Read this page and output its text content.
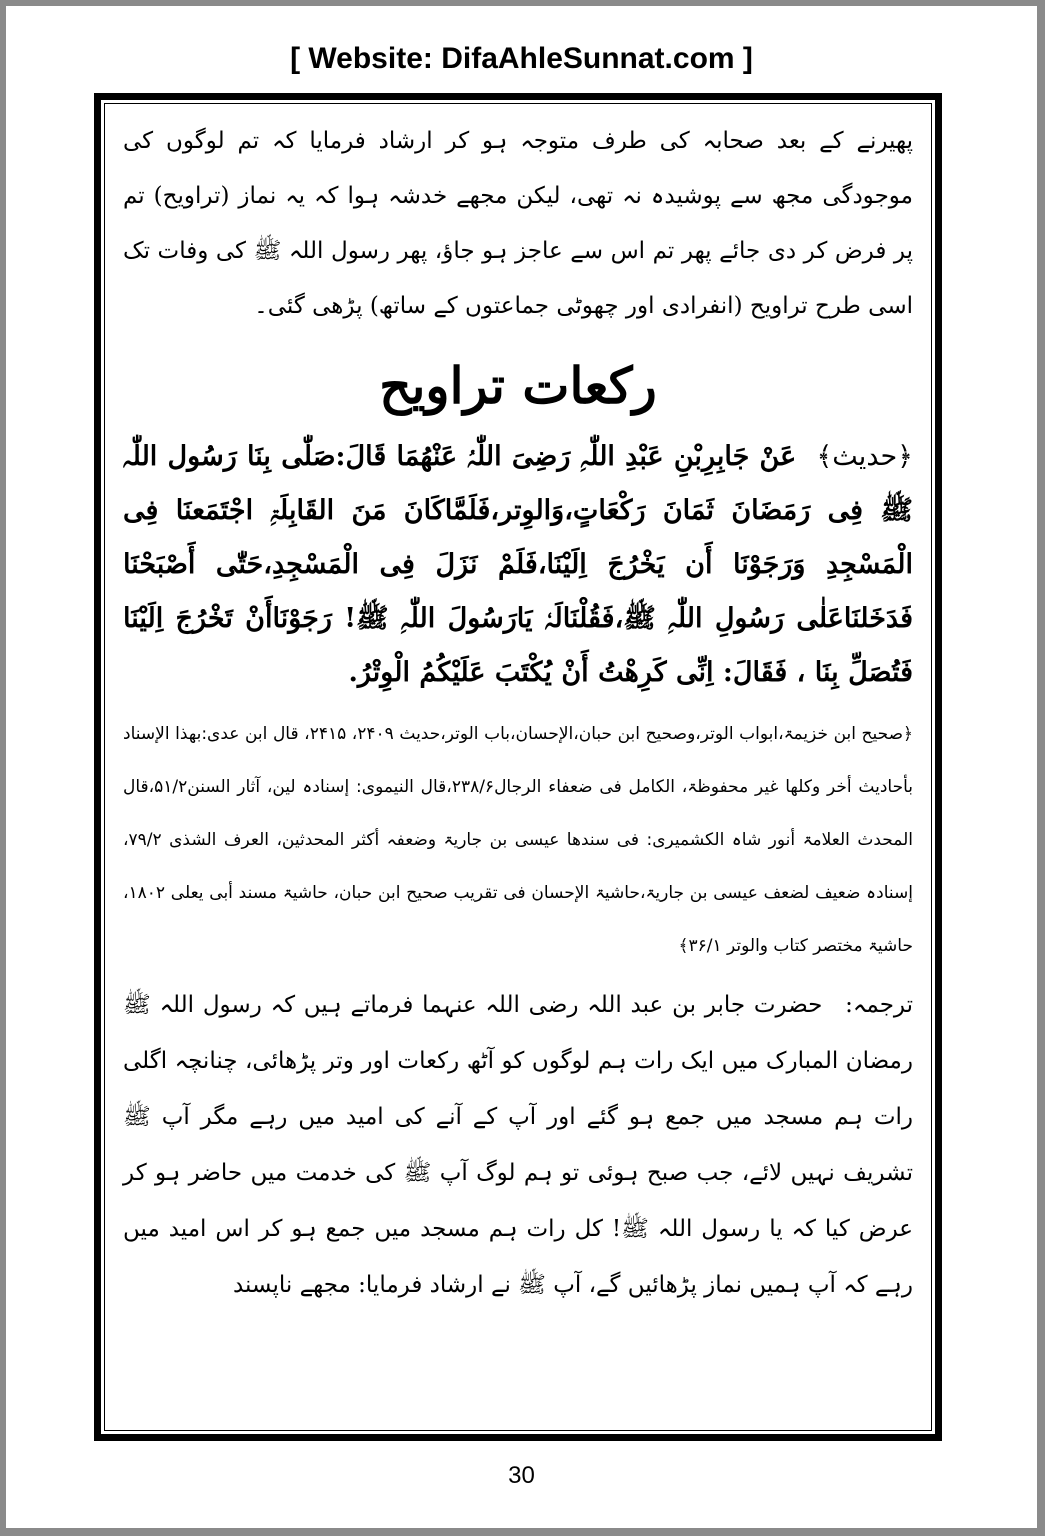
[ Website: DifaAhleSunnat.com ]

پھیرنے کے بعد صحابہ کی طرف متوجہ ہو کر ارشاد فرمایا کہ تم لوگوں کی موجودگی مجھ سے پوشیدہ نہ تھی، لیکن مجھے خدشہ ہوا کہ یہ نماز (تراویح) تم پر فرض کر دی جائے پھر تم اس سے عاجز ہو جاؤ، پھر رسول اللہ ﷺ کی وفات تک اسی طرح تراویح (انفرادی اور چھوٹی جماعتوں کے ساتھ) پڑھی گئی۔

رکعات تراویح

﴿حدیث﴾ عَنْ جَابِرِبْنِ عَبْدِ اللّٰہِ رَضِیَ اللّٰہُ عَنْھُمَا قَالَ:صَلّٰی بِنَا رَسُول اللّٰہ ﷺ فِی رَمَضَانَ ثَمَانَ رَکْعَاتٍ،وَالوِتر،فَلَمَّاکَانَ مَنَ القَابِلَۃِ اجْتَمَعنَا فِی الْمَسْجِدِ وَرَجَوْنَا أَن یَخْرُجَ اِلَیْنَا،فَلَمْ نَزَلَ فِی الْمَسْجِدِ،حَتّٰی أَصْبَحْنَا فَدَخَلنَاعَلٰی رَسُولِ اللّٰہِ ﷺ،فَقُلْنَالَہٗ یَارَسُولَ اللّٰہِ ﷺ! رَجَوْنَاأَنْ تَخْرُجَ اِلَیْنَا فَتُصَلِّ بِنَا ، فَقَالَ: اِنِّی کَرِھْتُ أَنْ یُکْتَبَ عَلَیْکُمُ الْوِتْرُ.

﴿صحیح ابن خزیمۃ،ابواب الوتر،وصحیح ابن حبان،الإحسان،باب الوتر،حدیث ۲۴۰۹، ۲۴۱۵، قال ابن عدی:بھذا الإسناد بأحادیث أخر وکلھا غیر محفوظۃ، الکامل فی ضعفاء الرجال۲۳۸/۶،قال النیموی: إسنادہ لین، آثار السنن۵۱/۲،قال المحدث العلامۃ أنور شاہ الکشمیری: فی سندھا عیسی بن جاریۃ وضعفہ أکثر المحدثین، العرف الشذی ۷۹/۲، إسنادہ ضعیف لضعف عیسی بن جاریۃ،حاشیۃ الإحسان فی تقریب صحیح ابن حبان، حاشیۃ مسند أبی یعلی ۱۸۰۲، حاشیۃ مختصر کتاب والوتر ۳۶/۱﴾

ترجمہ: حضرت جابر بن عبد اللہ رضی اللہ عنہما فرماتے ہیں کہ رسول اللہ ﷺ رمضان المبارک میں ایک رات ہم لوگوں کو آٹھ رکعات اور وتر پڑھائی، چنانچہ اگلی رات ہم مسجد میں جمع ہو گئے اور آپ کے آنے کی امید میں رہے مگر آپ ﷺ تشریف نہیں لائے، جب صبح ہوئی تو ہم لوگ آپ ﷺ کی خدمت میں حاضر ہو کر عرض کیا کہ یا رسول اللہ ﷺ! کل رات ہم مسجد میں جمع ہو کر اس امید میں رہے کہ آپ ہمیں نماز پڑھائیں گے، آپ ﷺ نے ارشاد فرمایا: مجھے ناپسند

30
